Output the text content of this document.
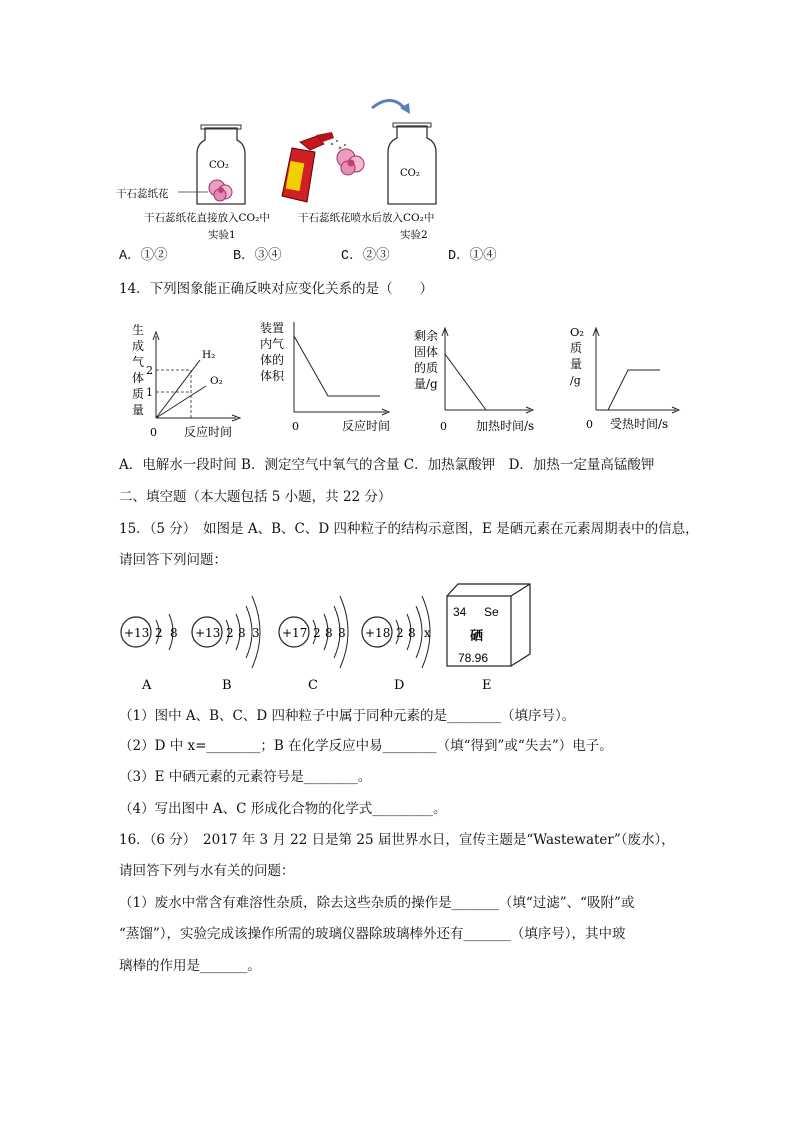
CO₂
干石蕊纸花
干石蕊纸花直接放入CO₂中
实验1
CO₂
干石蕊纸花喷水后放入CO₂中
实验2
A．①②	B．③④	C．②③	D．①④
14．下列图象能正确反映对应变化关系的是（　　）
生
成
气
体
质
量
2
1
H₂
O₂
0 反应时间
装置
内气
体的
体积
0	反应时间
剩余
固体
的质
量/g
0 加热时间/s
O₂
质
量
/g
0 受热时间/s
A．电解水一段时间 B．测定空气中氧气的含量 C．加热氯酸钾　D．加热一定量高锰酸钾
二、填空题（本大题包括 5 小题，共 22 分）
15．（5 分）　如图是 A、B、C、D 四种粒子的结构示意图，E 是硒元素在元素周期表中的信息，
请回答下列问题：
+13 2 8
A
+13 2 8 3
B
+17 2 8 8
C
+18 2 8 x
D
34 Se
硒
78.96
E
（1）图中 A、B、C、D 四种粒子中属于同种元素的是________（填序号）。
（2）D 中 x=________；B 在化学反应中易________（填“得到”或“失去”）电子。
（3）E 中硒元素的元素符号是________。
（4）写出图中 A、C 形成化合物的化学式_________。
16．（6 分）　2017 年 3 月 22 日是第 25 届世界水日，宣传主题是“Wastewater”（废水），
请回答下列与水有关的问题：
（1）废水中常含有难溶性杂质，除去这些杂质的操作是_______（填“过滤”、“吸附”或
“蒸馏”），实验完成该操作所需的玻璃仪器除玻璃棒外还有_______（填序号），其中玻
璃棒的作用是_______。
